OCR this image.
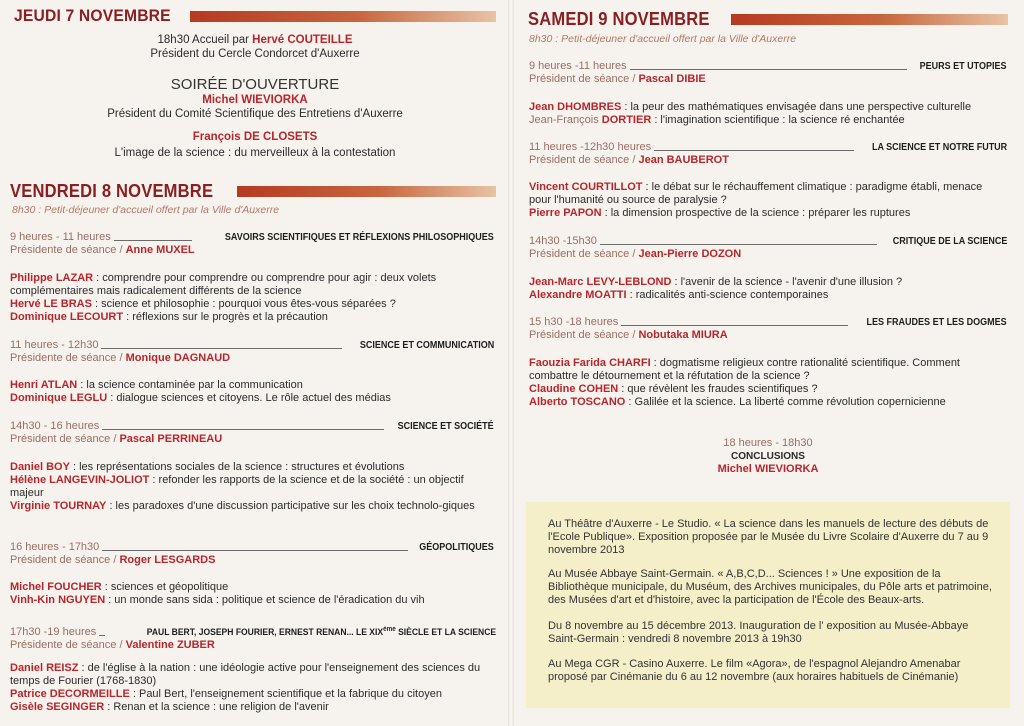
JEUDI 7 NOVEMBRE
18h30 Accueil par Hervé COUTEILLE
Président du Cercle Condorcet d'Auxerre
SOIRÉE D'OUVERTURE
Michel WIEVIORKA
Président du Comité Scientifique des Entretiens d'Auxerre
François DE CLOSETS
L'image de la science : du merveilleux à la contestation
VENDREDI 8 NOVEMBRE
8h30 : Petit-déjeuner d'accueil offert par la Ville d'Auxerre
9 heures - 11 heures	SAVOIRS SCIENTIFIQUES ET RÉFLEXIONS PHILOSOPHIQUES
Présidente de séance / Anne MUXEL
Philippe LAZAR : comprendre pour comprendre ou comprendre pour agir : deux volets complémentaires mais radicalement différents de la science
Hervé LE BRAS : science et philosophie : pourquoi vous êtes-vous séparées ?
Dominique LECOURT : réflexions sur le progrès et la précaution
11 heures - 12h30	SCIENCE ET COMMUNICATION
Présidente de séance / Monique DAGNAUD
Henri ATLAN : la science contaminée par la communication
Dominique LEGLU : dialogue sciences et citoyens. Le rôle actuel des médias
14h30 - 16 heures	SCIENCE ET SOCIÉTÉ
Président de séance / Pascal PERRINEAU
Daniel BOY : les représentations sociales de la science : structures et évolutions
Hélène LANGEVIN-JOLIOT : refonder les rapports de la science et de la société : un objectif majeur
Virginie TOURNAY : les paradoxes d'une discussion participative sur les choix technolo-giques
16 heures - 17h30	GÉOPOLITIQUES
Président de séance / Roger LESGARDS
Michel FOUCHER : sciences et géopolitique
Vinh-Kin NGUYEN : un monde sans sida : politique et science de l'éradication du vih
17h30 -19 heures	PAUL BERT, JOSEPH FOURIER, ERNEST RENAN... LE XIXème SIÈCLE ET LA SCIENCE
Présidente de séance / Valentine ZUBER
Daniel REISZ : de l'église à la nation : une idéologie active pour l'enseignement des sciences du temps de Fourier (1768-1830)
Patrice DECORMEILLE : Paul Bert, l'enseignement scientifique et la fabrique du citoyen
Gisèle SEGINGER : Renan et la science : une religion de l'avenir
SAMEDI 9 NOVEMBRE
8h30 : Petit-déjeuner d'accueil offert par la Ville d'Auxerre
9 heures -11 heures	PEURS ET UTOPIES
Président de séance / Pascal DIBIE
Jean DHOMBRES : la peur des mathématiques envisagée dans une perspective culturelle
Jean-François DORTIER : l'imagination scientifique : la science ré enchantée
11 heures -12h30 heures	LA SCIENCE ET NOTRE FUTUR
Président de séance / Jean BAUBEROT
Vincent COURTILLOT : le débat sur le réchauffement climatique : paradigme établi, menace pour l'humanité ou source de paralysie ?
Pierre PAPON : la dimension prospective de la science : préparer les ruptures
14h30 -15h30	CRITIQUE DE LA SCIENCE
Président de séance / Jean-Pierre DOZON
Jean-Marc LEVY-LEBLOND : l'avenir de la science - l'avenir d'une illusion ?
Alexandre MOATTI : radicalités anti-science contemporaines
15 h30 -18 heures	LES FRAUDES ET LES DOGMES
Président de séance / Nobutaka MIURA
Faouzia Farida CHARFI : dogmatisme religieux contre rationalité scientifique. Comment combattre le détournement et la réfutation de la science ?
Claudine COHEN : que révèlent les fraudes scientifiques ?
Alberto TOSCANO : Galilée et la science. La liberté comme révolution copernicienne
18 heures - 18h30
CONCLUSIONS
Michel WIEVIORKA

Au Théâtre d'Auxerre - Le Studio. « La science dans les manuels de lecture des débuts de l'Ecole Publique». Exposition proposée par le Musée du Livre Scolaire d'Auxerre du 7 au 9 novembre 2013

Au Musée Abbaye Saint-Germain. « A,B,C,D... Sciences ! » Une exposition de la Bibliothèque municipale, du Muséum, des Archives municipales, du Pôle arts et patrimoine, des Musées d'art et d'histoire, avec la participation de l'École des Beaux-arts.

Du 8 novembre au 15 décembre 2013. Inauguration de l' exposition au Musée-Abbaye Saint-Germain : vendredi 8 novembre 2013 à 19h30

Au Mega CGR - Casino Auxerre. Le film «Agora», de l'espagnol Alejandro Amenabar proposé par Cinémanie du 6 au 12 novembre (aux horaires habituels de Cinémanie)
